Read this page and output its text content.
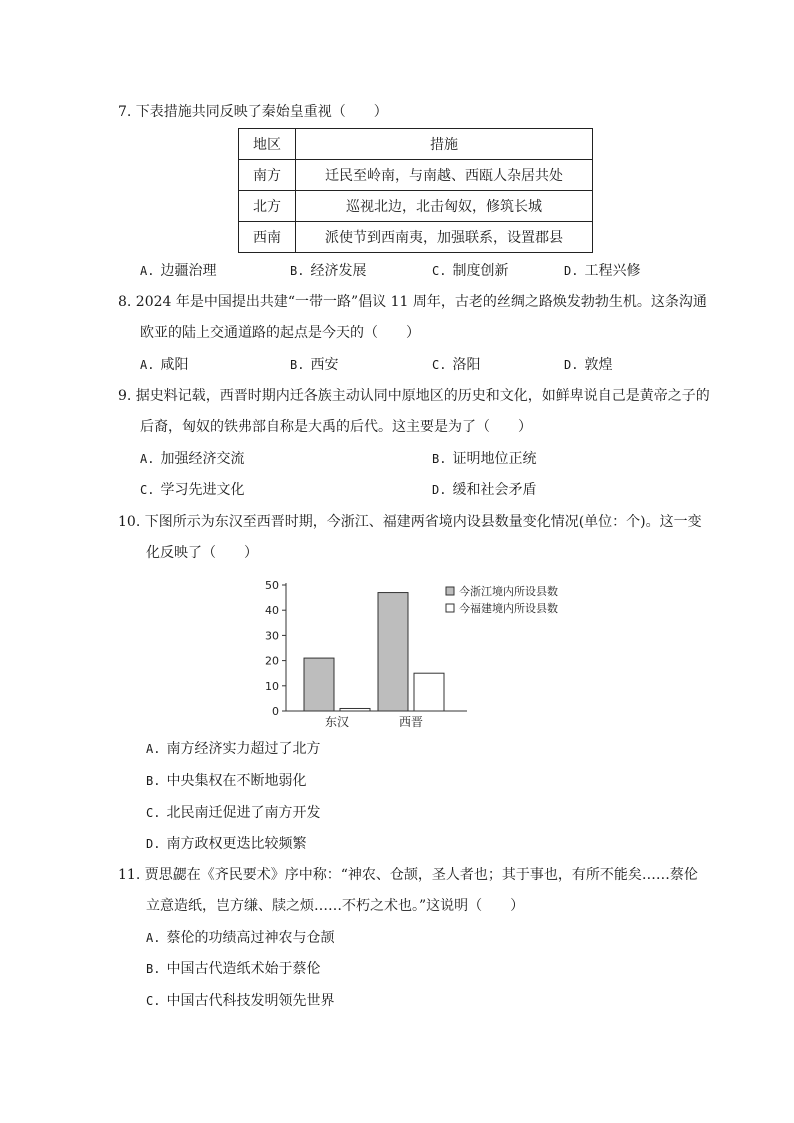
7. 下表措施共同反映了秦始皇重视（　　）
地区	措施
南方	迁民至岭南，与南越、西瓯人杂居共处
北方	巡视北边，北击匈奴，修筑长城
西南	派使节到西南夷，加强联系，设置郡县
A. 边疆治理	B. 经济发展	C. 制度创新	D. 工程兴修
8. 2024 年是中国提出共建“一带一路”倡议 11 周年，古老的丝绸之路焕发勃勃生机。这条沟通
欧亚的陆上交通道路的起点是今天的（　　）
A. 咸阳	B. 西安	C. 洛阳	D. 敦煌
9. 据史料记载，西晋时期内迁各族主动认同中原地区的历史和文化，如鲜卑说自己是黄帝之子的
后裔，匈奴的铁弗部自称是大禹的后代。这主要是为了（　　）
A. 加强经济交流	B. 证明地位正统
C. 学习先进文化	D. 缓和社会矛盾
10. 下图所示为东汉至西晋时期，今浙江、福建两省境内设县数量变化情况(单位：个)。这一变
化反映了（　　）
0
10
20
30
40
50
东汉	西晋
今浙江境内所设县数
今福建境内所设县数
A. 南方经济实力超过了北方
B. 中央集权在不断地弱化
C. 北民南迁促进了南方开发
D. 南方政权更迭比较频繁
11. 贾思勰在《齐民要术》序中称：“神农、仓颉，圣人者也；其于事也，有所不能矣……蔡伦
立意造纸，岂方缣、牍之烦……不朽之术也。”这说明（　　）
A. 蔡伦的功绩高过神农与仓颉
B. 中国古代造纸术始于蔡伦
C. 中国古代科技发明领先世界
